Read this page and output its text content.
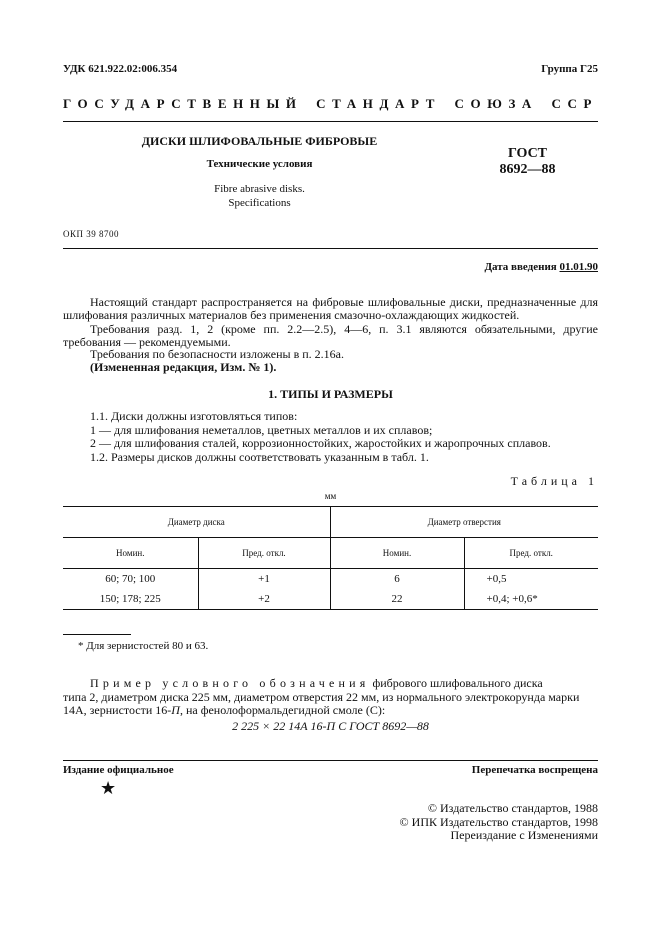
УДК 621.922.02:006.354	Группа Г25
ГОСУДАРСТВЕННЫЙ СТАНДАРТ СОЮЗА ССР
ДИСКИ ШЛИФОВАЛЬНЫЕ ФИБРОВЫЕ
Технические условия
Fibre abrasive disks.
Specifications
ГОСТ
8692—88
ОКП 39 8700
Дата введения 01.01.90
Настоящий стандарт распространяется на фибровые шлифовальные диски, предназначенные для шлифования различных материалов без применения смазочно-охлаждающих жидкостей.
Требования разд. 1, 2 (кроме пп. 2.2—2.5), 4—6, п. 3.1 являются обязательными, другие требования — рекомендуемыми.
Требования по безопасности изложены в п. 2.16а.
(Измененная редакция, Изм. № 1).
1. ТИПЫ И РАЗМЕРЫ
1.1. Диски должны изготовляться типов:
1 — для шлифования неметаллов, цветных металлов и их сплавов;
2 — для шлифования сталей, коррозионностойких, жаростойких и жаропрочных сплавов.
1.2. Размеры дисков должны соответствовать указанным в табл. 1.
Таблица 1
мм
Диаметр диска		Диаметр отверстия	
Номин.	Пред. откл.	Номин.	Пред. откл.
60; 70; 100	+1	6	+0,5
150; 178; 225	+2	22	+0,4; +0,6*
* Для зернистостей 80 и 63.
Пример условного обозначения фибрового шлифовального диска
типа 2, диаметром диска 225 мм, диаметром отверстия 22 мм, из нормального электрокорунда марки
14А, зернистости 16-П, на фенолоформальдегидной смоле (С):
2 225 × 22 14А 16-П С ГОСТ 8692—88
Издание официальное	Перепечатка воспрещена
★
© Издательство стандартов, 1988
© ИПК Издательство стандартов, 1998
Переиздание с Изменениями
